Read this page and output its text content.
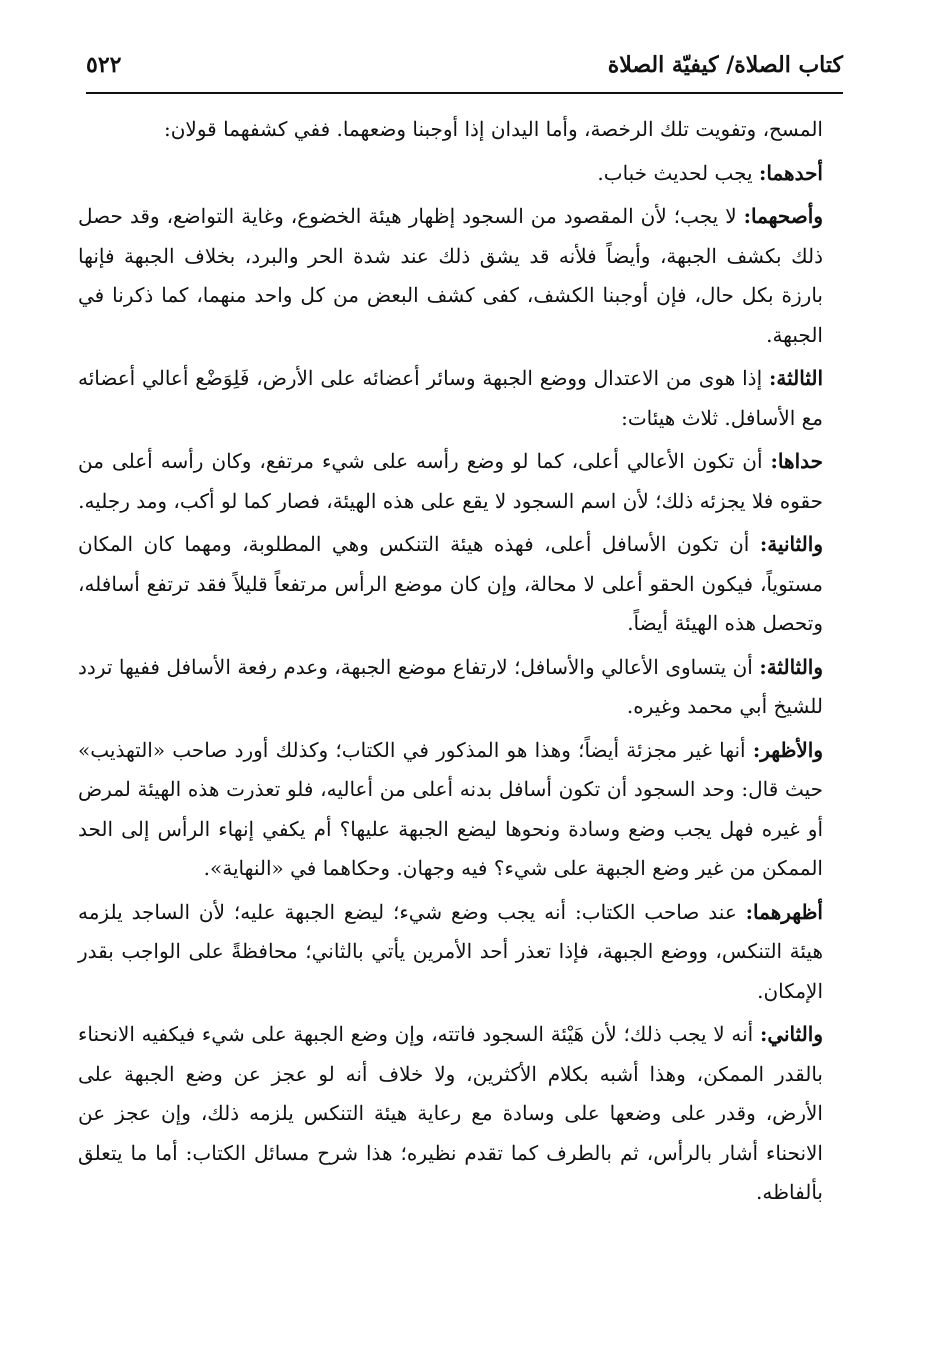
كتاب الصلاة/ كيفيّة الصلاة
٥٢٢

المسح، وتفويت تلك الرخصة، وأما اليدان إذا أوجبنا وضعهما. ففي كشفهما قولان:

أحدهما: يجب لحديث خباب.

وأصحهما: لا يجب؛ لأن المقصود من السجود إظهار هيئة الخضوع، وغاية التواضع، وقد حصل ذلك بكشف الجبهة، وأيضاً فلأنه قد يشق ذلك عند شدة الحر والبرد، بخلاف الجبهة فإنها بارزة بكل حال، فإن أوجبنا الكشف، كفى كشف البعض من كل واحد منهما، كما ذكرنا في الجبهة.

الثالثة: إذا هوى من الاعتدال ووضع الجبهة وسائر أعضائه على الأرض، فَلِوَضْع أعالي أعضائه مع الأسافل. ثلاث هيئات:

حداها: أن تكون الأعالي أعلى، كما لو وضع رأسه على شيء مرتفع، وكان رأسه أعلى من حقوه فلا يجزئه ذلك؛ لأن اسم السجود لا يقع على هذه الهيئة، فصار كما لو أكب، ومد رجليه.

والثانية: أن تكون الأسافل أعلى، فهذه هيئة التنكس وهي المطلوبة، ومهما كان المكان مستوياً، فيكون الحقو أعلى لا محالة، وإن كان موضع الرأس مرتفعاً قليلاً فقد ترتفع أسافله، وتحصل هذه الهيئة أيضاً.

والثالثة: أن يتساوى الأعالي والأسافل؛ لارتفاع موضع الجبهة، وعدم رفعة الأسافل ففيها تردد للشيخ أبي محمد وغيره.

والأظهر: أنها غير مجزئة أيضاً؛ وهذا هو المذكور في الكتاب؛ وكذلك أورد صاحب «التهذيب» حيث قال: وحد السجود أن تكون أسافل بدنه أعلى من أعاليه، فلو تعذرت هذه الهيئة لمرض أو غيره فهل يجب وضع وسادة ونحوها ليضع الجبهة عليها؟ أم يكفي إنهاء الرأس إلى الحد الممكن من غير وضع الجبهة على شيء؟ فيه وجهان. وحكاهما في «النهاية».

أظهرهما: عند صاحب الكتاب: أنه يجب وضع شيء؛ ليضع الجبهة عليه؛ لأن الساجد يلزمه هيئة التنكس، ووضع الجبهة، فإذا تعذر أحد الأمرين يأتي بالثاني؛ محافظةً على الواجب بقدر الإمكان.

والثاني: أنه لا يجب ذلك؛ لأن هَيْئة السجود فاتته، وإن وضع الجبهة على شيء فيكفيه الانحناء بالقدر الممكن، وهذا أشبه بكلام الأكثرين، ولا خلاف أنه لو عجز عن وضع الجبهة على الأرض، وقدر على وضعها على وسادة مع رعاية هيئة التنكس يلزمه ذلك، وإن عجز عن الانحناء أشار بالرأس، ثم بالطرف كما تقدم نظيره؛ هذا شرح مسائل الكتاب: أما ما يتعلق بألفاظه.
